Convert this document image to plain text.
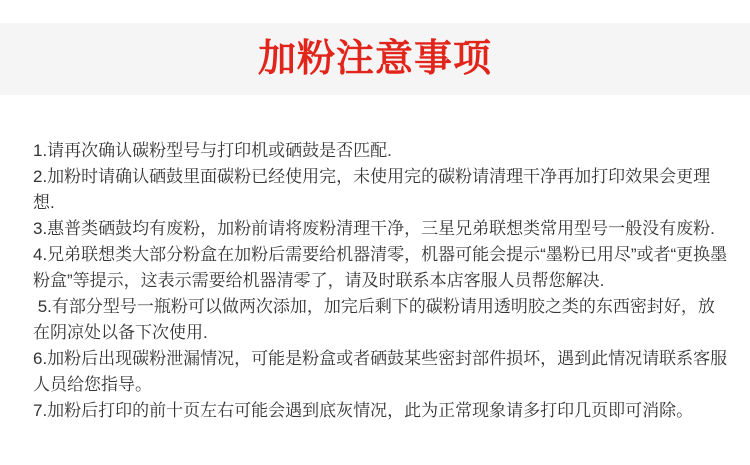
加粉注意事项

1.请再次确认碳粉型号与打印机或硒鼓是否匹配.

2.加粉时请确认硒鼓里面碳粉已经使用完，未使用完的碳粉请清理干净再加打印效果会更理想.

3.惠普类硒鼓均有废粉，加粉前请将废粉清理干净，三星兄弟联想类常用型号一般没有废粉.

4.兄弟联想类大部分粉盒在加粉后需要给机器清零，机器可能会提示“墨粉已用尽”或者“更换墨粉盒”等提示，这表示需要给机器清零了，请及时联系本店客服人员帮您解决.

5.有部分型号一瓶粉可以做两次添加，加完后剩下的碳粉请用透明胶之类的东西密封好，放在阴凉处以备下次使用.

6.加粉后出现碳粉泄漏情况，可能是粉盒或者硒鼓某些密封部件损坏，遇到此情况请联系客服人员给您指导。

7.加粉后打印的前十页左右可能会遇到底灰情况，此为正常现象请多打印几页即可消除。
